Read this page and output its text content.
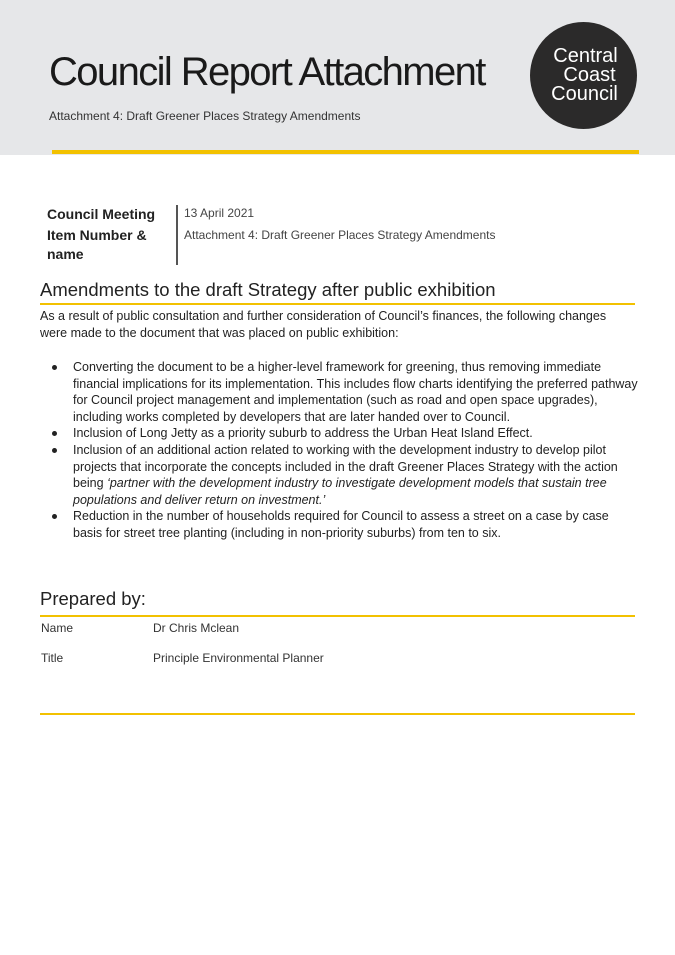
Council Report Attachment
Attachment 4: Draft Greener Places Strategy Amendments
Central
Coast
Council
Council Meeting
Item Number &
name
13 April 2021
Attachment 4: Draft Greener Places Strategy Amendments
Amendments to the draft Strategy after public exhibition

As a result of public consultation and further consideration of Council’s finances, the following changes were made to the document that was placed on public exhibition:

Converting the document to be a higher-level framework for greening, thus removing immediate financial implications for its implementation. This includes flow charts identifying the preferred pathway for Council project management and implementation (such as road and open space upgrades), including works completed by developers that are later handed over to Council.
Inclusion of Long Jetty as a priority suburb to address the Urban Heat Island Effect.
Inclusion of an additional action related to working with the development industry to develop pilot projects that incorporate the concepts included in the draft Greener Places Strategy with the action being ‘partner with the development industry to investigate development models that sustain tree populations and deliver return on investment.’
Reduction in the number of households required for Council to assess a street on a case by case basis for street tree planting (including in non-priority suburbs) from ten to six.
Prepared by:
Name	Dr Chris Mclean
Title	Principle Environmental Planner
